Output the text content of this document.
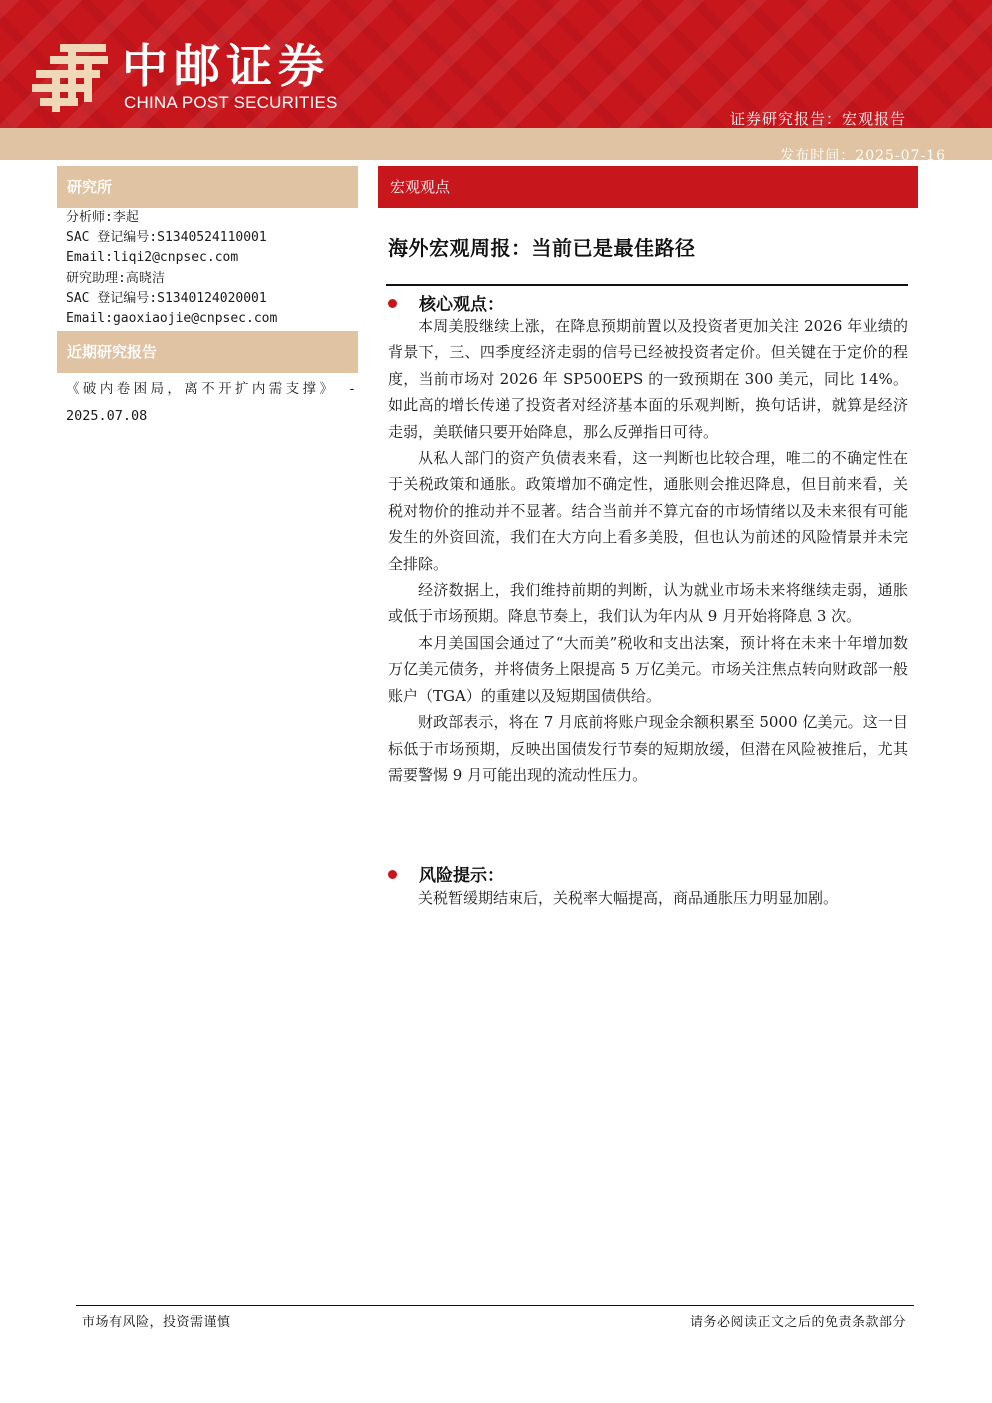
中邮证券
CHINA POST SECURITIES
证券研究报告：宏观报告
发布时间：2025-07-16
研究所
分析师:李起
SAC 登记编号:S1340524110001
Email:liqi2@cnpsec.com
研究助理:高晓洁
SAC 登记编号:S1340124020001
Email:gaoxiaojie@cnpsec.com
近期研究报告
《破内卷困局，离不开扩内需支撑》 -
2025.07.08
宏观观点
海外宏观周报：当前已是最佳路径
核心观点：

本周美股继续上涨，在降息预期前置以及投资者更加关注 2026 年业绩的背景下，三、四季度经济走弱的信号已经被投资者定价。但关键在于定价的程度，当前市场对 2026 年 SP500EPS 的一致预期在 300 美元，同比 14%。如此高的增长传递了投资者对经济基本面的乐观判断，换句话讲，就算是经济走弱，美联储只要开始降息，那么反弹指日可待。

从私人部门的资产负债表来看，这一判断也比较合理，唯二的不确定性在于关税政策和通胀。政策增加不确定性，通胀则会推迟降息，但目前来看，关税对物价的推动并不显著。结合当前并不算亢奋的市场情绪以及未来很有可能发生的外资回流，我们在大方向上看多美股，但也认为前述的风险情景并未完全排除。

经济数据上，我们维持前期的判断，认为就业市场未来将继续走弱，通胀或低于市场预期。降息节奏上，我们认为年内从 9 月开始将降息 3 次。

本月美国国会通过了“大而美”税收和支出法案，预计将在未来十年增加数万亿美元债务，并将债务上限提高 5 万亿美元。市场关注焦点转向财政部一般账户（TGA）的重建以及短期国债供给。

财政部表示，将在 7 月底前将账户现金余额积累至 5000 亿美元。这一目标低于市场预期，反映出国债发行节奏的短期放缓，但潜在风险被推后，尤其需要警惕 9 月可能出现的流动性压力。

风险提示：

关税暂缓期结束后，关税率大幅提高，商品通胀压力明显加剧。

市场有风险，投资需谨慎	请务必阅读正文之后的免责条款部分
